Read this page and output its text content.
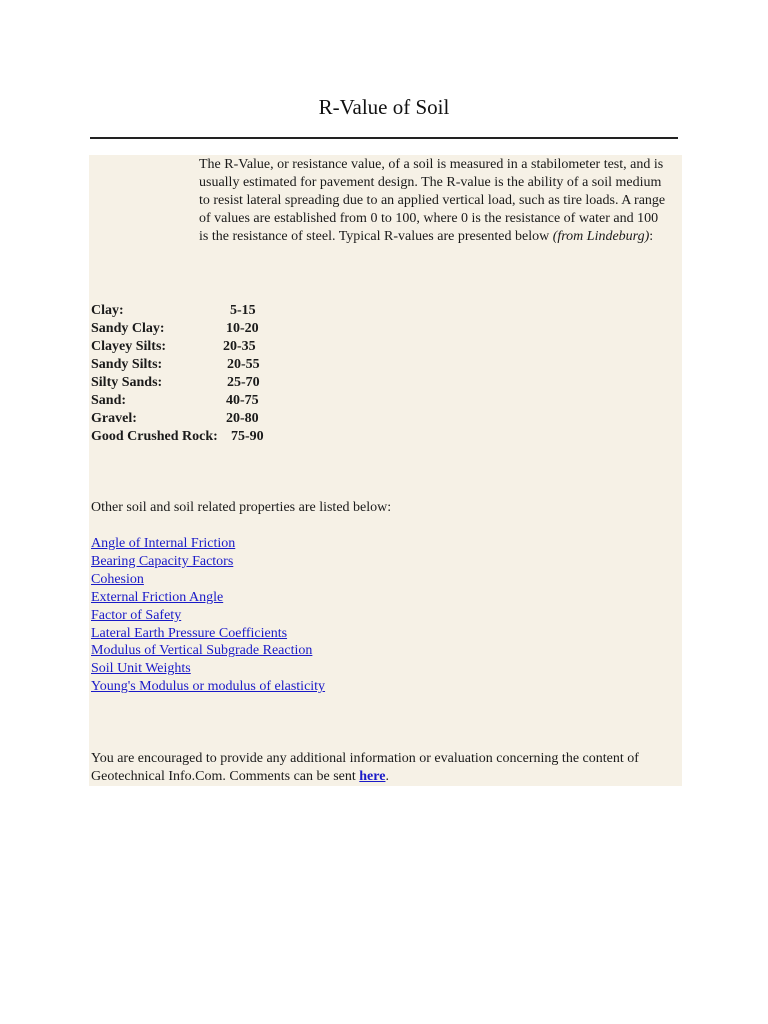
R-Value of Soil

The R-Value, or resistance value, of a soil is measured in a stabilometer test, and is usually estimated for pavement design. The R-value is the ability of a soil medium to resist lateral spreading due to an applied vertical load, such as tire loads. A range of values are established from 0 to 100, where 0 is the resistance of water and 100 is the resistance of steel. Typical R-values are presented below (from Lindeburg):

Clay:	5-15
Sandy Clay:	10-20
Clayey Silts:	20-35
Sandy Silts:	20-55
Silty Sands:	25-70
Sand:	40-75
Gravel:	20-80
Good Crushed Rock: 75-90

Other soil and soil related properties are listed below:

Angle of Internal Friction
Bearing Capacity Factors
Cohesion
External Friction Angle
Factor of Safety
Lateral Earth Pressure Coefficients
Modulus of Vertical Subgrade Reaction
Soil Unit Weights
Young's Modulus or modulus of elasticity

You are encouraged to provide any additional information or evaluation concerning the content of Geotechnical Info.Com. Comments can be sent here.
